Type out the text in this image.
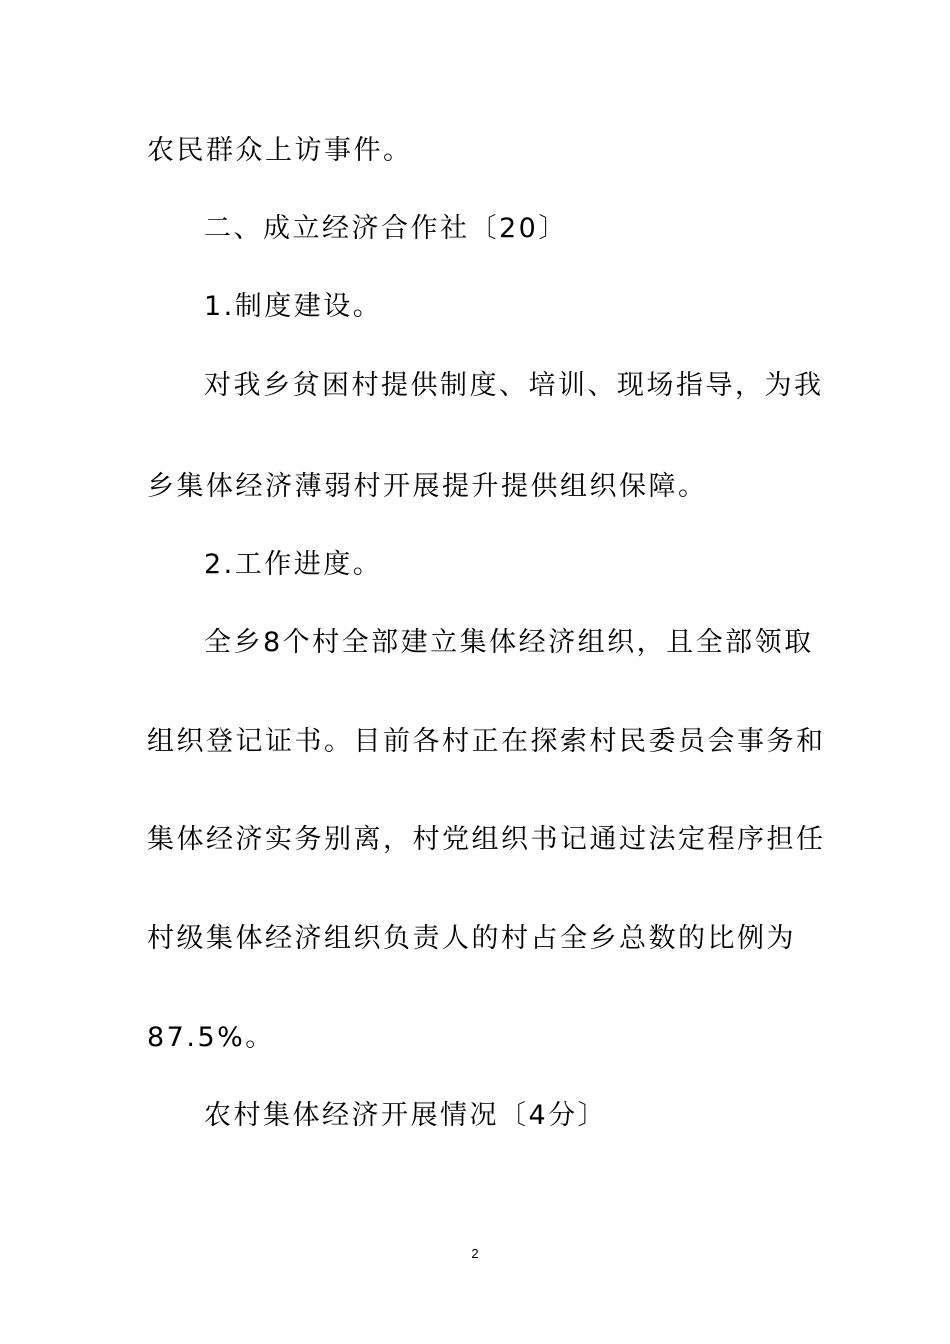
农民群众上访事件。
二、成立经济合作社〔20〕
1.制度建设。
对我乡贫困村提供制度、培训、现场指导，为我
乡集体经济薄弱村开展提升提供组织保障。
2.工作进度。
全乡8个村全部建立集体经济组织，且全部领取
组织登记证书。目前各村正在探索村民委员会事务和
集体经济实务别离，村党组织书记通过法定程序担任
村级集体经济组织负责人的村占全乡总数的比例为
87.5%。
农村集体经济开展情况〔4分〕
2
